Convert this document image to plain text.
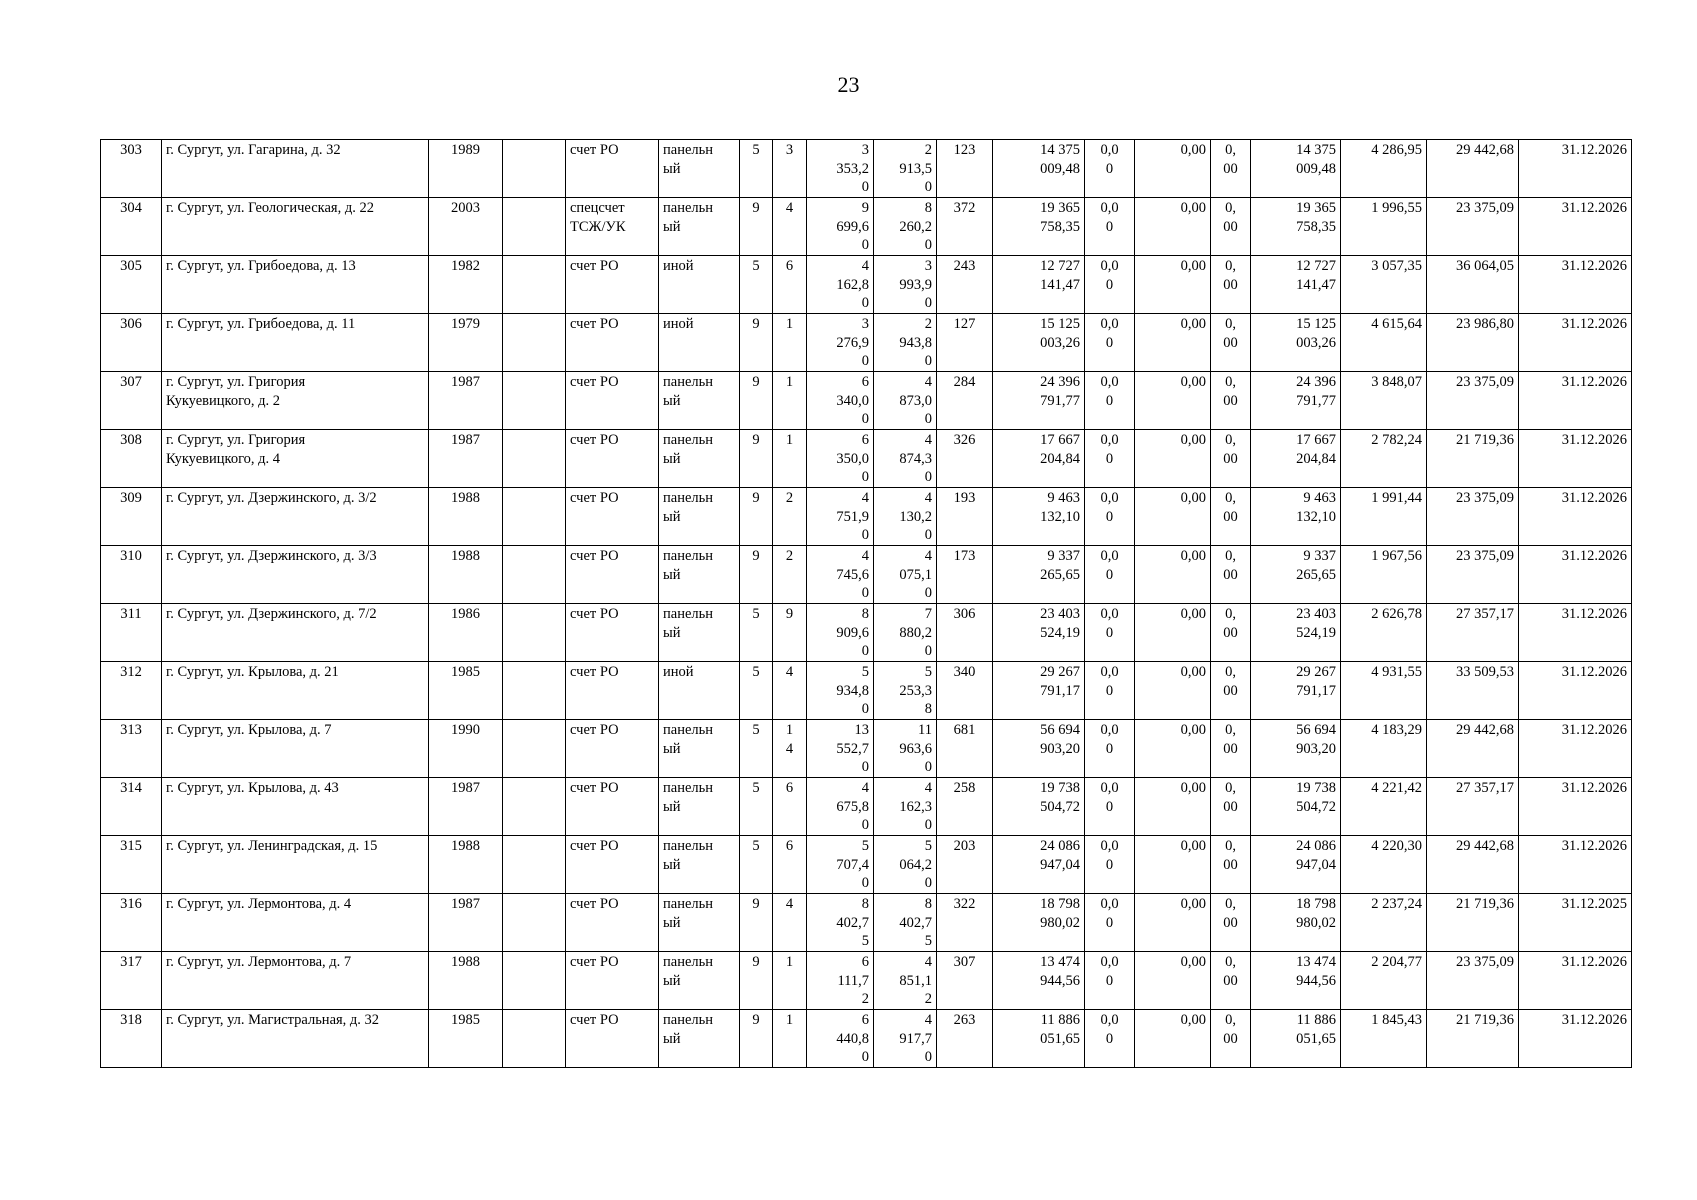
23
303	г. Сургут, ул. Гагарина, д. 32	1989		счет РО	панельн
ый	5	3	3
353,2
0	2
913,5
0	123	14 375
009,48	0,0
0	0,00	0,
00	14 375
009,48	4 286,95	29 442,68	31.12.2026

304	г. Сургут, ул. Геологическая, д. 22	2003		спецсчет
ТСЖ/УК	панельн
ый	9	4	9
699,6
0	8
260,2
0	372	19 365
758,35	0,0
0	0,00	0,
00	19 365
758,35	1 996,55	23 375,09	31.12.2026

305	г. Сургут, ул. Грибоедова, д. 13	1982		счет РО	иной	5	6	4
162,8
0	3
993,9
0	243	12 727
141,47	0,0
0	0,00	0,
00	12 727
141,47	3 057,35	36 064,05	31.12.2026

306	г. Сургут, ул. Грибоедова, д. 11	1979		счет РО	иной	9	1	3
276,9
0	2
943,8
0	127	15 125
003,26	0,0
0	0,00	0,
00	15 125
003,26	4 615,64	23 986,80	31.12.2026

307	г. Сургут, ул. Григория
Кукуевицкого, д. 2	1987		счет РО	панельн
ый	9	1	6
340,0
0	4
873,0
0	284	24 396
791,77	0,0
0	0,00	0,
00	24 396
791,77	3 848,07	23 375,09	31.12.2026

308	г. Сургут, ул. Григория
Кукуевицкого, д. 4	1987		счет РО	панельн
ый	9	1	6
350,0
0	4
874,3
0	326	17 667
204,84	0,0
0	0,00	0,
00	17 667
204,84	2 782,24	21 719,36	31.12.2026

309	г. Сургут, ул. Дзержинского, д. 3/2	1988		счет РО	панельн
ый	9	2	4
751,9
0	4
130,2
0	193	9 463
132,10	0,0
0	0,00	0,
00	9 463
132,10	1 991,44	23 375,09	31.12.2026

310	г. Сургут, ул. Дзержинского, д. 3/3	1988		счет РО	панельн
ый	9	2	4
745,6
0	4
075,1
0	173	9 337
265,65	0,0
0	0,00	0,
00	9 337
265,65	1 967,56	23 375,09	31.12.2026

311	г. Сургут, ул. Дзержинского, д. 7/2	1986		счет РО	панельн
ый	5	9	8
909,6
0	7
880,2
0	306	23 403
524,19	0,0
0	0,00	0,
00	23 403
524,19	2 626,78	27 357,17	31.12.2026

312	г. Сургут, ул. Крылова, д. 21	1985		счет РО	иной	5	4	5
934,8
0	5
253,3
8	340	29 267
791,17	0,0
0	0,00	0,
00	29 267
791,17	4 931,55	33 509,53	31.12.2026

313	г. Сургут, ул. Крылова, д. 7	1990		счет РО	панельн
ый	5	1
4	13
552,7
0	11
963,6
0	681	56 694
903,20	0,0
0	0,00	0,
00	56 694
903,20	4 183,29	29 442,68	31.12.2026

314	г. Сургут, ул. Крылова, д. 43	1987		счет РО	панельн
ый	5	6	4
675,8
0	4
162,3
0	258	19 738
504,72	0,0
0	0,00	0,
00	19 738
504,72	4 221,42	27 357,17	31.12.2026

315	г. Сургут, ул. Ленинградская, д. 15	1988		счет РО	панельн
ый	5	6	5
707,4
0	5
064,2
0	203	24 086
947,04	0,0
0	0,00	0,
00	24 086
947,04	4 220,30	29 442,68	31.12.2026

316	г. Сургут, ул. Лермонтова, д. 4	1987		счет РО	панельн
ый	9	4	8
402,7
5	8
402,7
5	322	18 798
980,02	0,0
0	0,00	0,
00	18 798
980,02	2 237,24	21 719,36	31.12.2025

317	г. Сургут, ул. Лермонтова, д. 7	1988		счет РО	панельн
ый	9	1	6
111,7
2	4
851,1
2	307	13 474
944,56	0,0
0	0,00	0,
00	13 474
944,56	2 204,77	23 375,09	31.12.2026

318	г. Сургут, ул. Магистральная, д. 32	1985		счет РО	панельн
ый	9	1	6
440,8
0	4
917,7
0	263	11 886
051,65	0,0
0	0,00	0,
00	11 886
051,65	1 845,43	21 719,36	31.12.2026
